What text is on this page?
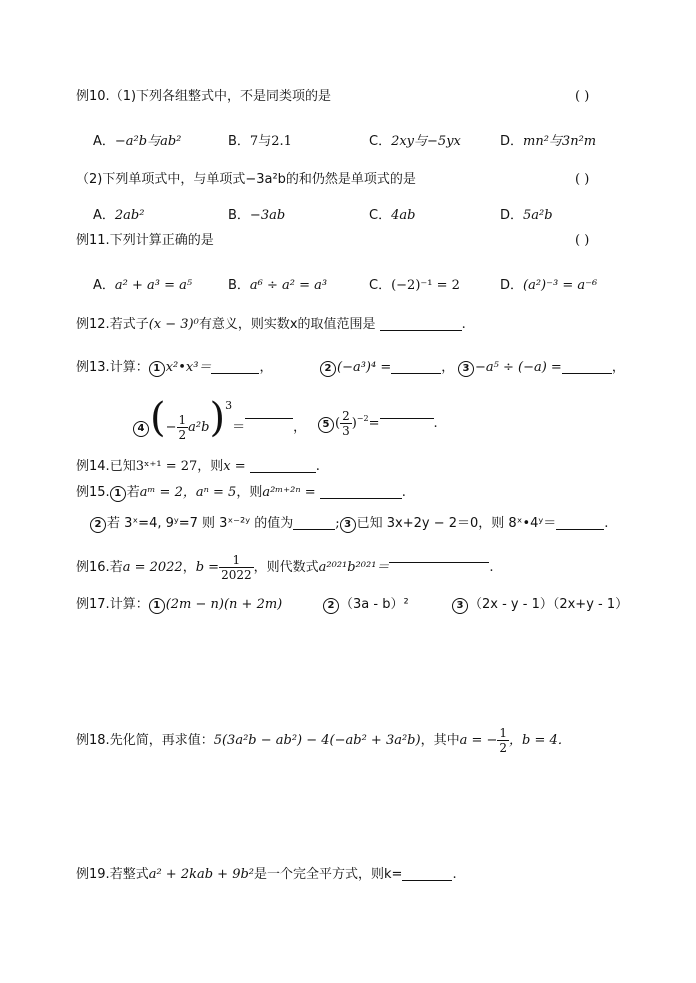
例10.（1)下列各组整式中，不是同类项的是	( )
A．−a²b与ab²	B．7与2.1	C．2xy与−5yx	D．mn²与3n²m
（2)下列单项式中，与单项式−3a²b的和仍然是单项式的是	( )
A．2ab²	B．−3ab	C．4ab	D．5a²b
例11.下列计算正确的是	( )
A．a² + a³ = a⁵	B．a⁶ ÷ a² = a³	C．(−2)⁻¹ = 2	D．(a²)⁻³ = a⁻⁶
例12.若式子(x − 3)⁰有意义，则实数x的取值范围是	.
例13.计算： 1 x²•x³＝	，	2 (−a³)⁴ =	， 3 −a⁵ ÷ (−a) =	，
4 (− $\frac{1}{2} a^2b)^3=$	，	5 ( $\frac{2}{3} )^{-2}=$	.
例14.已知3ˣ⁺¹ = 27，则x =	.
例15. 1 若aᵐ = 2，aⁿ = 5，则a²ᵐ⁺²ⁿ =	.
2 若 3ˣ=4, 9ʸ=7 则 3ˣ⁻²ʸ 的值为	; 3 已知 3x+2y − 2＝0，则 8ˣ•4ʸ＝	.
例16.若a = 2022，$b = \frac{1}{2022}$ ，则代数式a²⁰²¹b²⁰²¹＝	.
例17.计算： 1 (2m − n)(n + 2m)	2 （3a - b）²	3 （2x - y - 1）（2x+y - 1）
例18.先化简，再求值：5(3a²b − ab²) − 4(−ab² + 3a²b)，其中a = − $\frac{1}{2}$ ，b = 4．
例19.若整式a² + 2kab + 9b²是一个完全平方式，则k=	.
